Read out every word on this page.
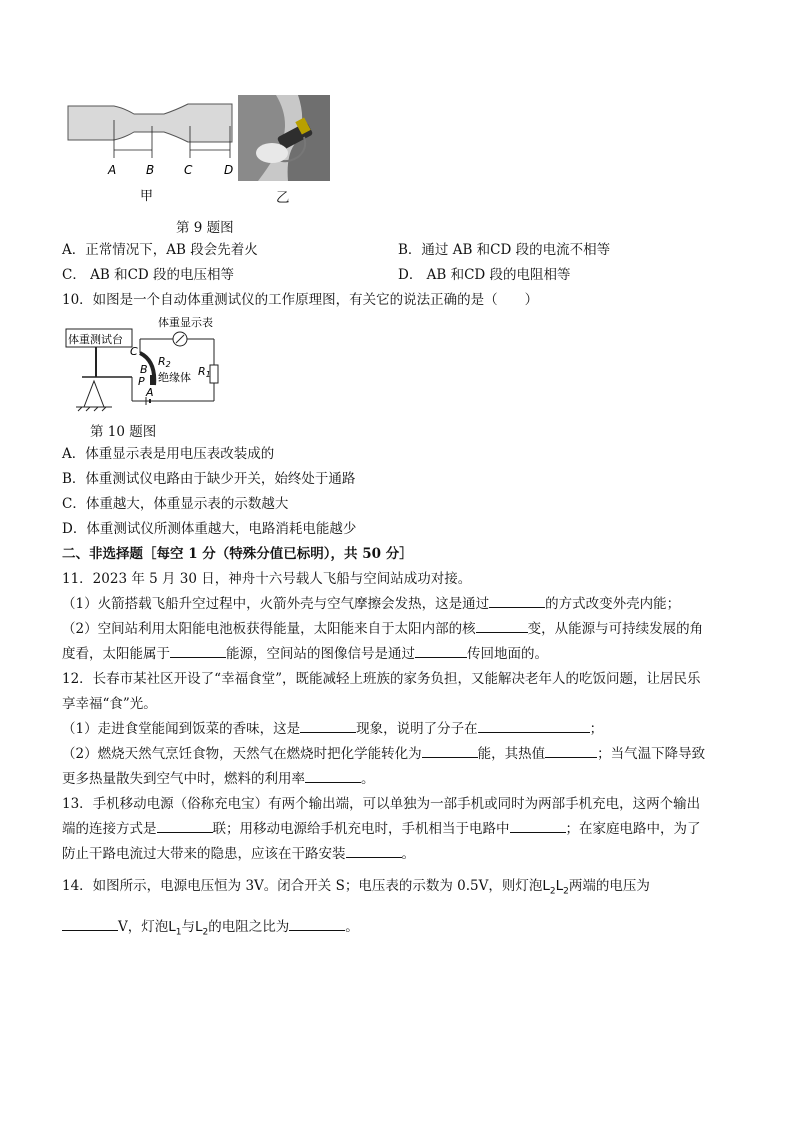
A B C	D
甲	乙
第 9 题图
A．正常情况下，AB 段会先着火	B．通过 AB 和CD 段的电流不相等
C． AB 和CD 段的电压相等	D． AB 和CD 段的电阻相等
10．如图是一个自动体重测试仪的工作原理图，有关它的说法正确的是（　　）
体重测试台
体重显示表
C
R2
B
绝缘体 R1
P
A
第 10 题图
A．体重显示表是用电压表改装成的
B．体重测试仪电路由于缺少开关，始终处于通路
C．体重越大，体重显示表的示数越大
D．体重测试仪所测体重越大，电路消耗电能越少
二、非选择题［每空 1 分（特殊分值已标明），共 50 分］
11．2023 年 5 月 30 日，神舟十六号载人飞船与空间站成功对接。
（1）火箭搭载飞船升空过程中，火箭外壳与空气摩擦会发热，这是通过	的方式改变外壳内能；
（2）空间站利用太阳能电池板获得能量，太阳能来自于太阳内部的核	变，从能源与可持续发展的角
度看，太阳能属于	能源，空间站的图像信号是通过	传回地面的。
12．长春市某社区开设了“幸福食堂”，既能减轻上班族的家务负担，又能解决老年人的吃饭问题，让居民乐
享幸福“食”光。
（1）走进食堂能闻到饭菜的香味，这是	现象，说明了分子在	；
（2）燃烧天然气烹饪食物，天然气在燃烧时把化学能转化为	能，其热值	；当气温下降导致
更多热量散失到空气中时，燃料的利用率	。
13．手机移动电源（俗称充电宝）有两个输出端，可以单独为一部手机或同时为两部手机充电，这两个输出
端的连接方式是	联；用移动电源给手机充电时，手机相当于电路中	；在家庭电路中，为了
防止干路电流过大带来的隐患，应该在干路安装	。
14．如图所示，电源电压恒为 3V。闭合开关 S；电压表的示数为 0.5V，则灯泡$L_2L_2$两端的电压为
V，灯泡$L_1$与$L_2$的电阻之比为	。
